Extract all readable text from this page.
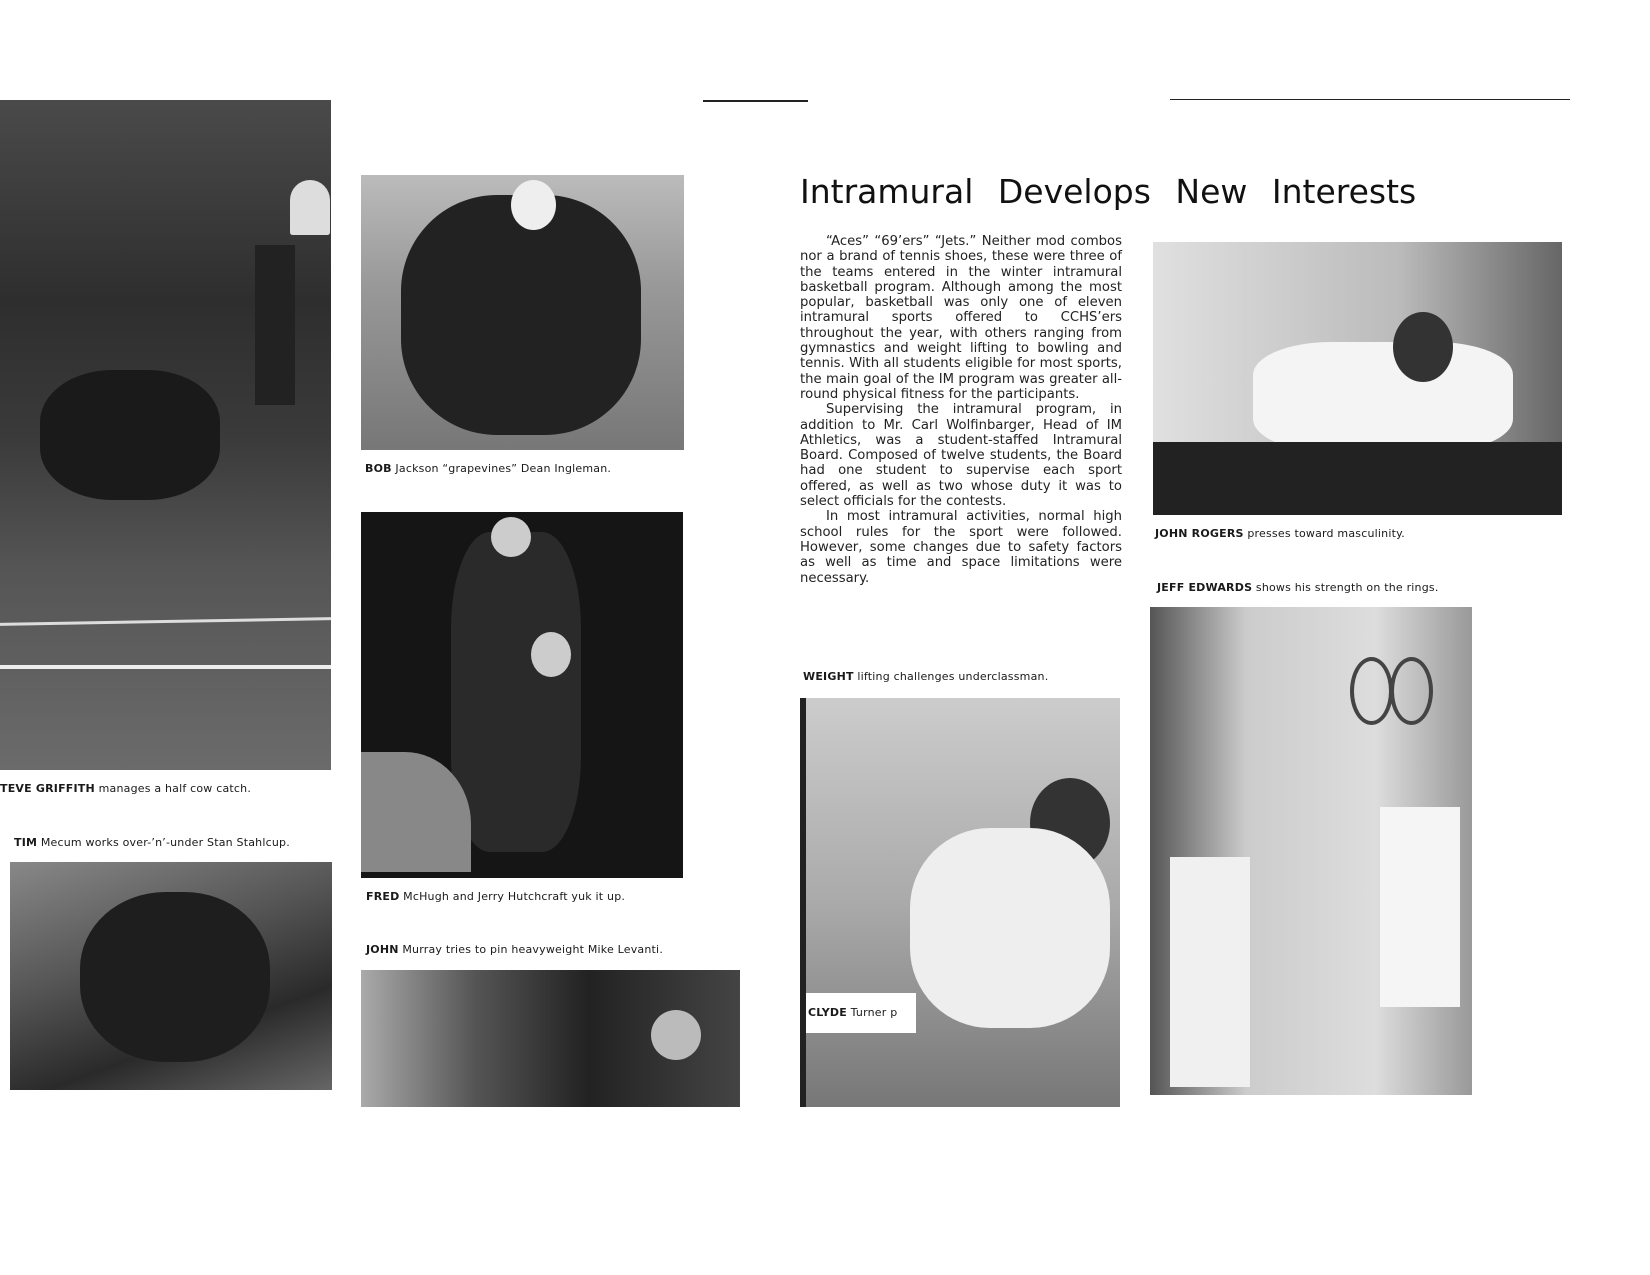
TEVE GRIFFITH manages a half cow catch.
TIM Mecum works over-’n’-under Stan Stahlcup.
BOB Jackson “grapevines” Dean Ingleman.
FRED McHugh and Jerry Hutchcraft yuk it up.
JOHN Murray tries to pin heavyweight Mike Levanti.
Intramural Develops New Interests

“Aces” “69’ers” “Jets.” Neither mod combos nor a brand of tennis shoes, these were three of the teams entered in the winter intramural basketball program. Although among the most popular, basketball was only one of eleven intramural sports offered to CCHS’ers throughout the year, with others ranging from gymnastics and weight lifting to bowling and tennis. With all students eligible for most sports, the main goal of the IM program was greater all-round physical fitness for the participants.

Supervising the intramural program, in addition to Mr. Carl Wolfinbarger, Head of IM Athletics, was a student-staffed Intramural Board. Composed of twelve students, the Board had one student to supervise each sport offered, as well as two whose duty it was to select officials for the contests.

In most intramural activities, normal high school rules for the sport were followed. However, some changes due to safety factors as well as time and space limitations were necessary.

JOHN ROGERS presses toward masculinity.
JEFF EDWARDS shows his strength on the rings.
WEIGHT lifting challenges underclassman.
CLYDE Turner p
